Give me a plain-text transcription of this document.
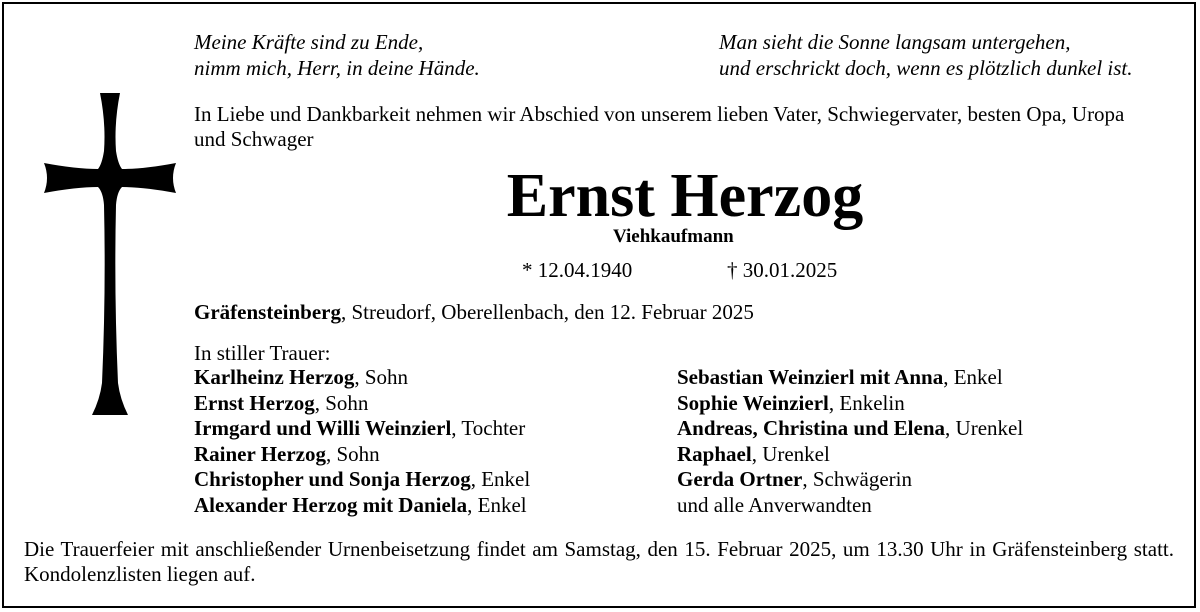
Meine Kräfte sind zu Ende,
nimm mich, Herr, in deine Hände.
Man sieht die Sonne langsam untergehen,
und erschrickt doch, wenn es plötzlich dunkel ist.
In Liebe und Dankbarkeit nehmen wir Abschied von unserem lieben Vater, Schwiegervater, besten Opa, Uropa und Schwager
Ernst Herzog
Viehkaufmann
* 12.04.1940	† 30.01.2025
Gräfensteinberg, Streudorf, Oberellenbach, den 12. Februar 2025
In stiller Trauer:
Karlheinz Herzog, Sohn
Ernst Herzog, Sohn
Irmgard und Willi Weinzierl, Tochter
Rainer Herzog, Sohn
Christopher und Sonja Herzog, Enkel
Alexander Herzog mit Daniela, Enkel
Sebastian Weinzierl mit Anna, Enkel
Sophie Weinzierl, Enkelin
Andreas, Christina und Elena, Urenkel
Raphael, Urenkel
Gerda Ortner, Schwägerin
und alle Anverwandten
Die Trauerfeier mit anschließender Urnenbeisetzung findet am Samstag, den 15. Februar 2025, um 13.30 Uhr in Gräfensteinberg statt. Kondolenzlisten liegen auf.
